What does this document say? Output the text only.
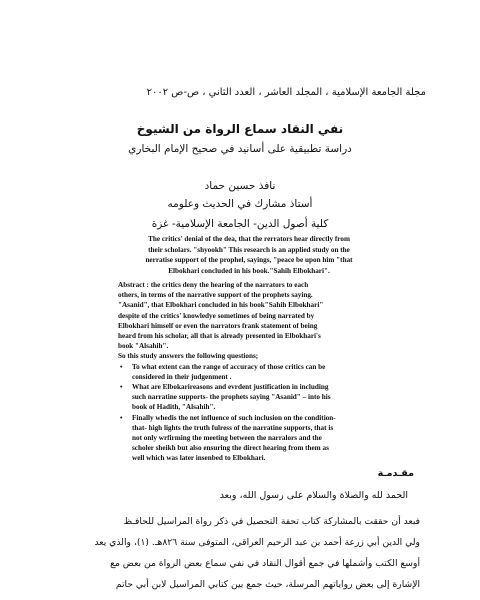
مجلة الجامعة الإسلامية ، المجلد العاشر ، العدد الثاني ، ص-ص ٢٠٠٢
نفي النقاد سماع الرواة من الشيوخ
دراسة تطبيقية على أسانيد في صحيح الإمام البخاري
نافذ حسين حماد
أستاذ مشارك في الحديث وعلومه
كلية أصول الدين- الجامعة الإسلامية- غزة
The critics' denial of the dea, that the rerrators hear directly from
their scholars. "shyookh" This research is an applied study on the
nerratise support of the prophel, sayings, "peace be upon him "that
Elbokhari concluded in his book."Sahih Elbokhari".

Abstract : the critics deny the hearing of the narrators to each

others, in terms of the narrative support of the prophets saying.

"Asanid", that Elbokhari concluded in his book"Sahih Elbokhari"

despite of the critics' knowledye sometimes of being narrated by

Elbokhari himself or even the narrators frank statement of being

heard from his scholar, all that is already presented in Elbokhari's

book "Alsahih".

So this study answers the following questions;

• To what extent can the range of accuracy of those critics can be
considered in their judgenment .
• What are Elbokarireasons and evrdent justification in including
such narratine supports- the prophets saying "Asanid" – into his
book of Hadith, "Alsahih".
• Finally whedis the net influence of such inclusion on the condition-
that- high lights the truth fulress of the narratine supports, that is
not only wrfirming the meeting between the narralors and the
scholer sheikh but also ensuring the direct hearing from them as
well which was later insenbed to Elbokhari.
مقـدمـة
الحمد لله والصلاة والسلام على رسول الله، وبعد
فبعد أن حققت بالمشاركة كتاب تحفة التحصيل في ذكر رواة المراسيل للحافـظ
ولي الدين أبي زرعة أحمد بن عبد الرحيم العراقي، المتوفى سنة ٨٢٦هـ. (١)، والذي يعد
أوسع الكتب وأشملها في جمع أقوال النقاد في نفي سماع بعض الرواة من بعض مع
الإشارة إلى بعض رواياتهم المرسلة، حيث جمع بين كتابي المراسيل لابن أبي حاتم
